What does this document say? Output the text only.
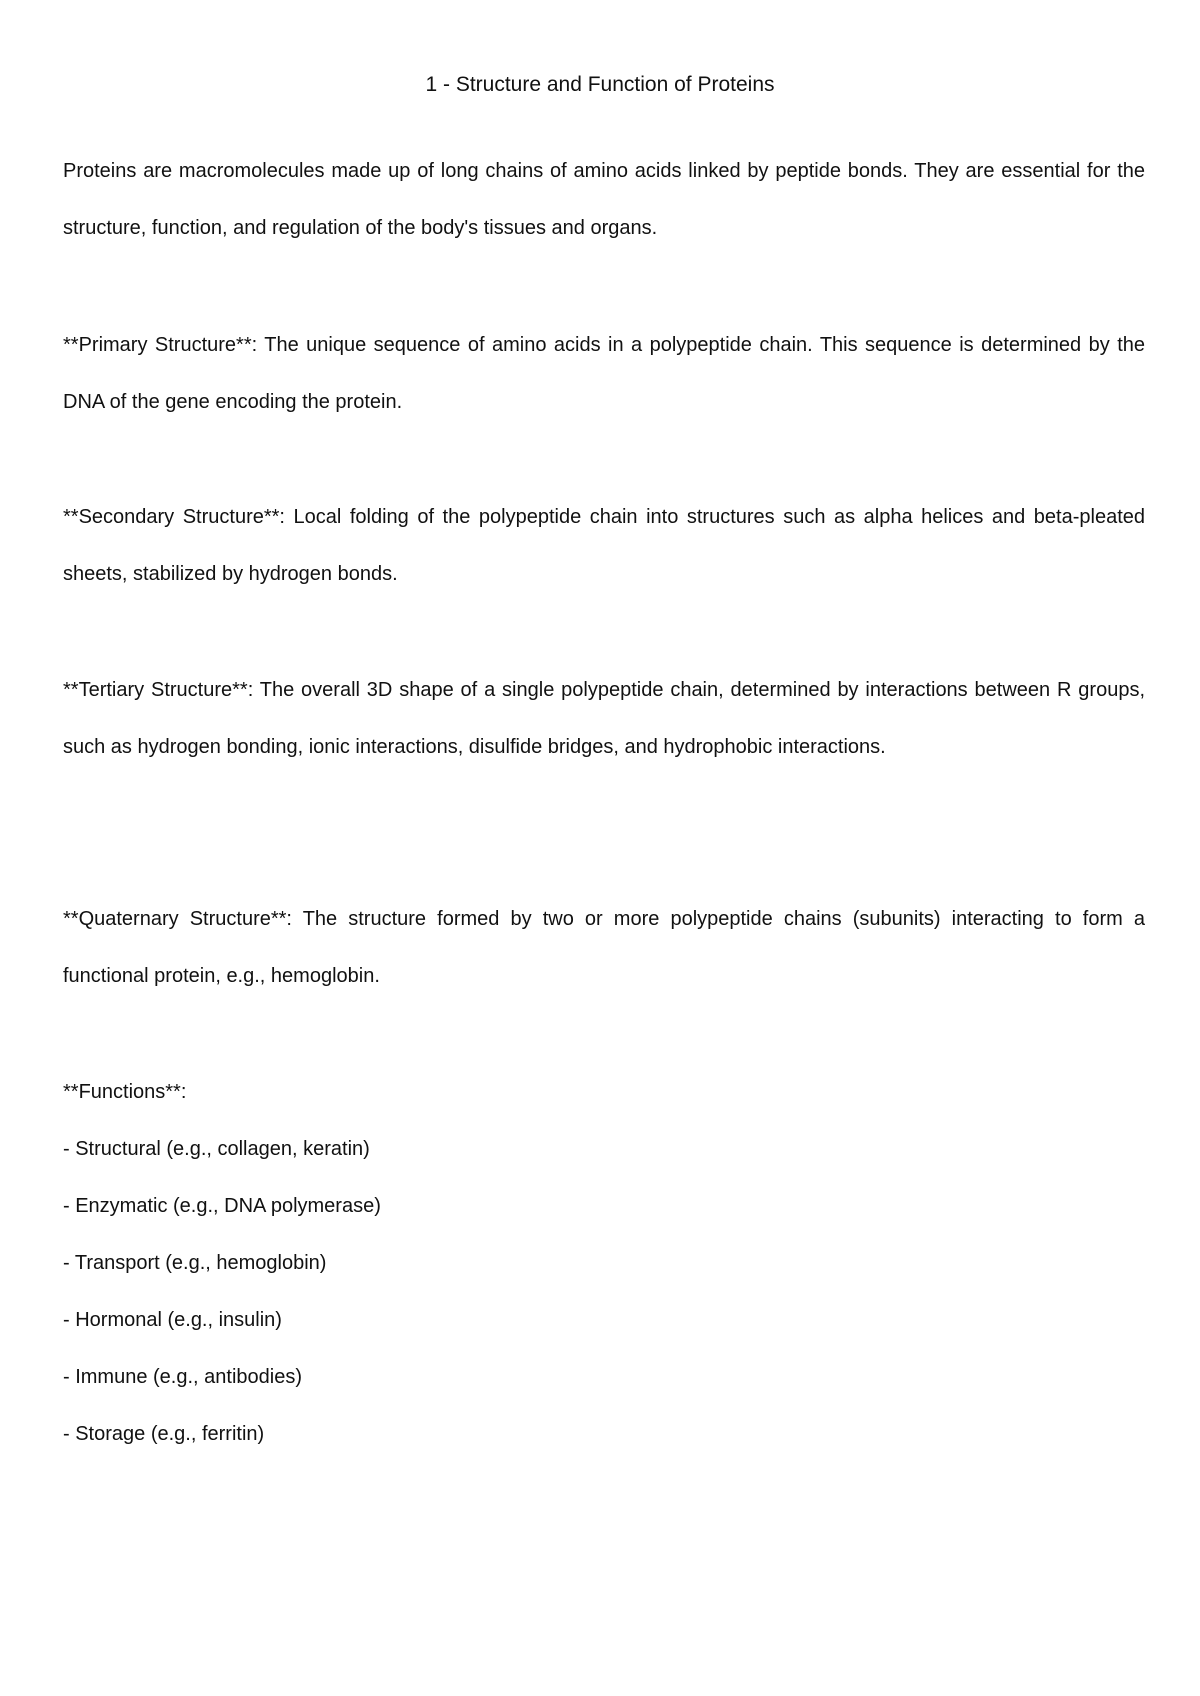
1 - Structure and Function of Proteins

Proteins are macromolecules made up of long chains of amino acids linked by peptide bonds. They are essential for the structure, function, and regulation of the body's tissues and organs.

**Primary Structure**: The unique sequence of amino acids in a polypeptide chain. This sequence is determined by the DNA of the gene encoding the protein.

**Secondary Structure**: Local folding of the polypeptide chain into structures such as alpha helices and beta-pleated sheets, stabilized by hydrogen bonds.

**Tertiary Structure**: The overall 3D shape of a single polypeptide chain, determined by interactions between R groups, such as hydrogen bonding, ionic interactions, disulfide bridges, and hydrophobic interactions.

**Quaternary Structure**: The structure formed by two or more polypeptide chains (subunits) interacting to form a functional protein, e.g., hemoglobin.

**Functions**:

- Structural (e.g., collagen, keratin)
- Enzymatic (e.g., DNA polymerase)
- Transport (e.g., hemoglobin)
- Hormonal (e.g., insulin)
- Immune (e.g., antibodies)
- Storage (e.g., ferritin)
